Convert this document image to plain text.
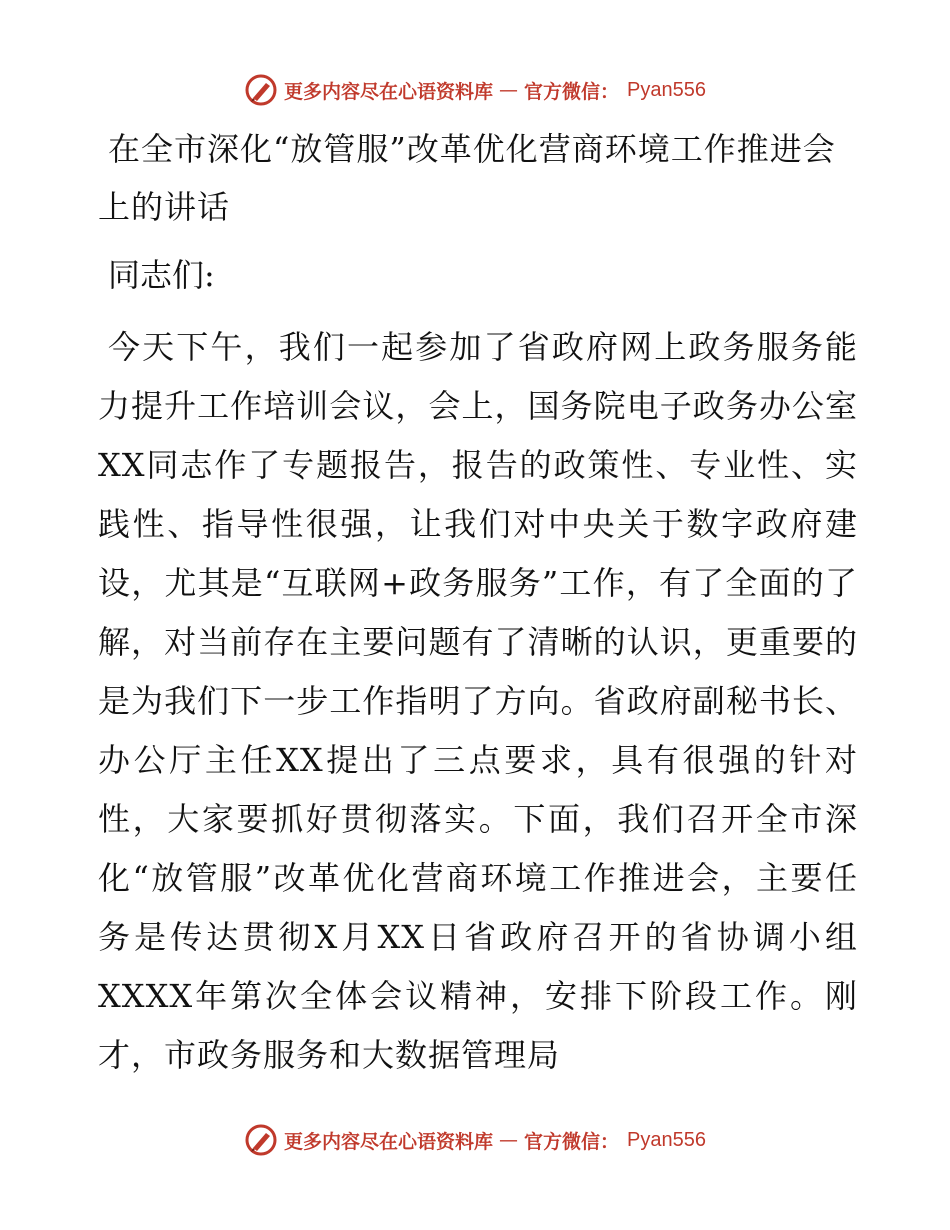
更多内容尽在心语资料库 — 官方微信： Pyan556
在全市深化“放管服”改革优化营商环境工作推进会上的讲话

同志们:

今天下午，我们一起参加了省政府网上政务服务能力提升工作培训会议，会上，国务院电子政务办公室XX同志作了专题报告，报告的政策性、专业性、实践性、指导性很强，让我们对中央关于数字政府建设，尤其是“互联网+政务服务”工作，有了全面的了解，对当前存在主要问题有了清晰的认识，更重要的是为我们下一步工作指明了方向。省政府副秘书长、办公厅主任XX提出了三点要求，具有很强的针对性，大家要抓好贯彻落实。下面，我们召开全市深化“放管服”改革优化营商环境工作推进会，主要任务是传达贯彻X月XX日省政府召开的省协调小组XXXX年第次全体会议精神，安排下阶段工作。刚才，市政务服务和大数据管理局

更多内容尽在心语资料库 — 官方微信： Pyan556
